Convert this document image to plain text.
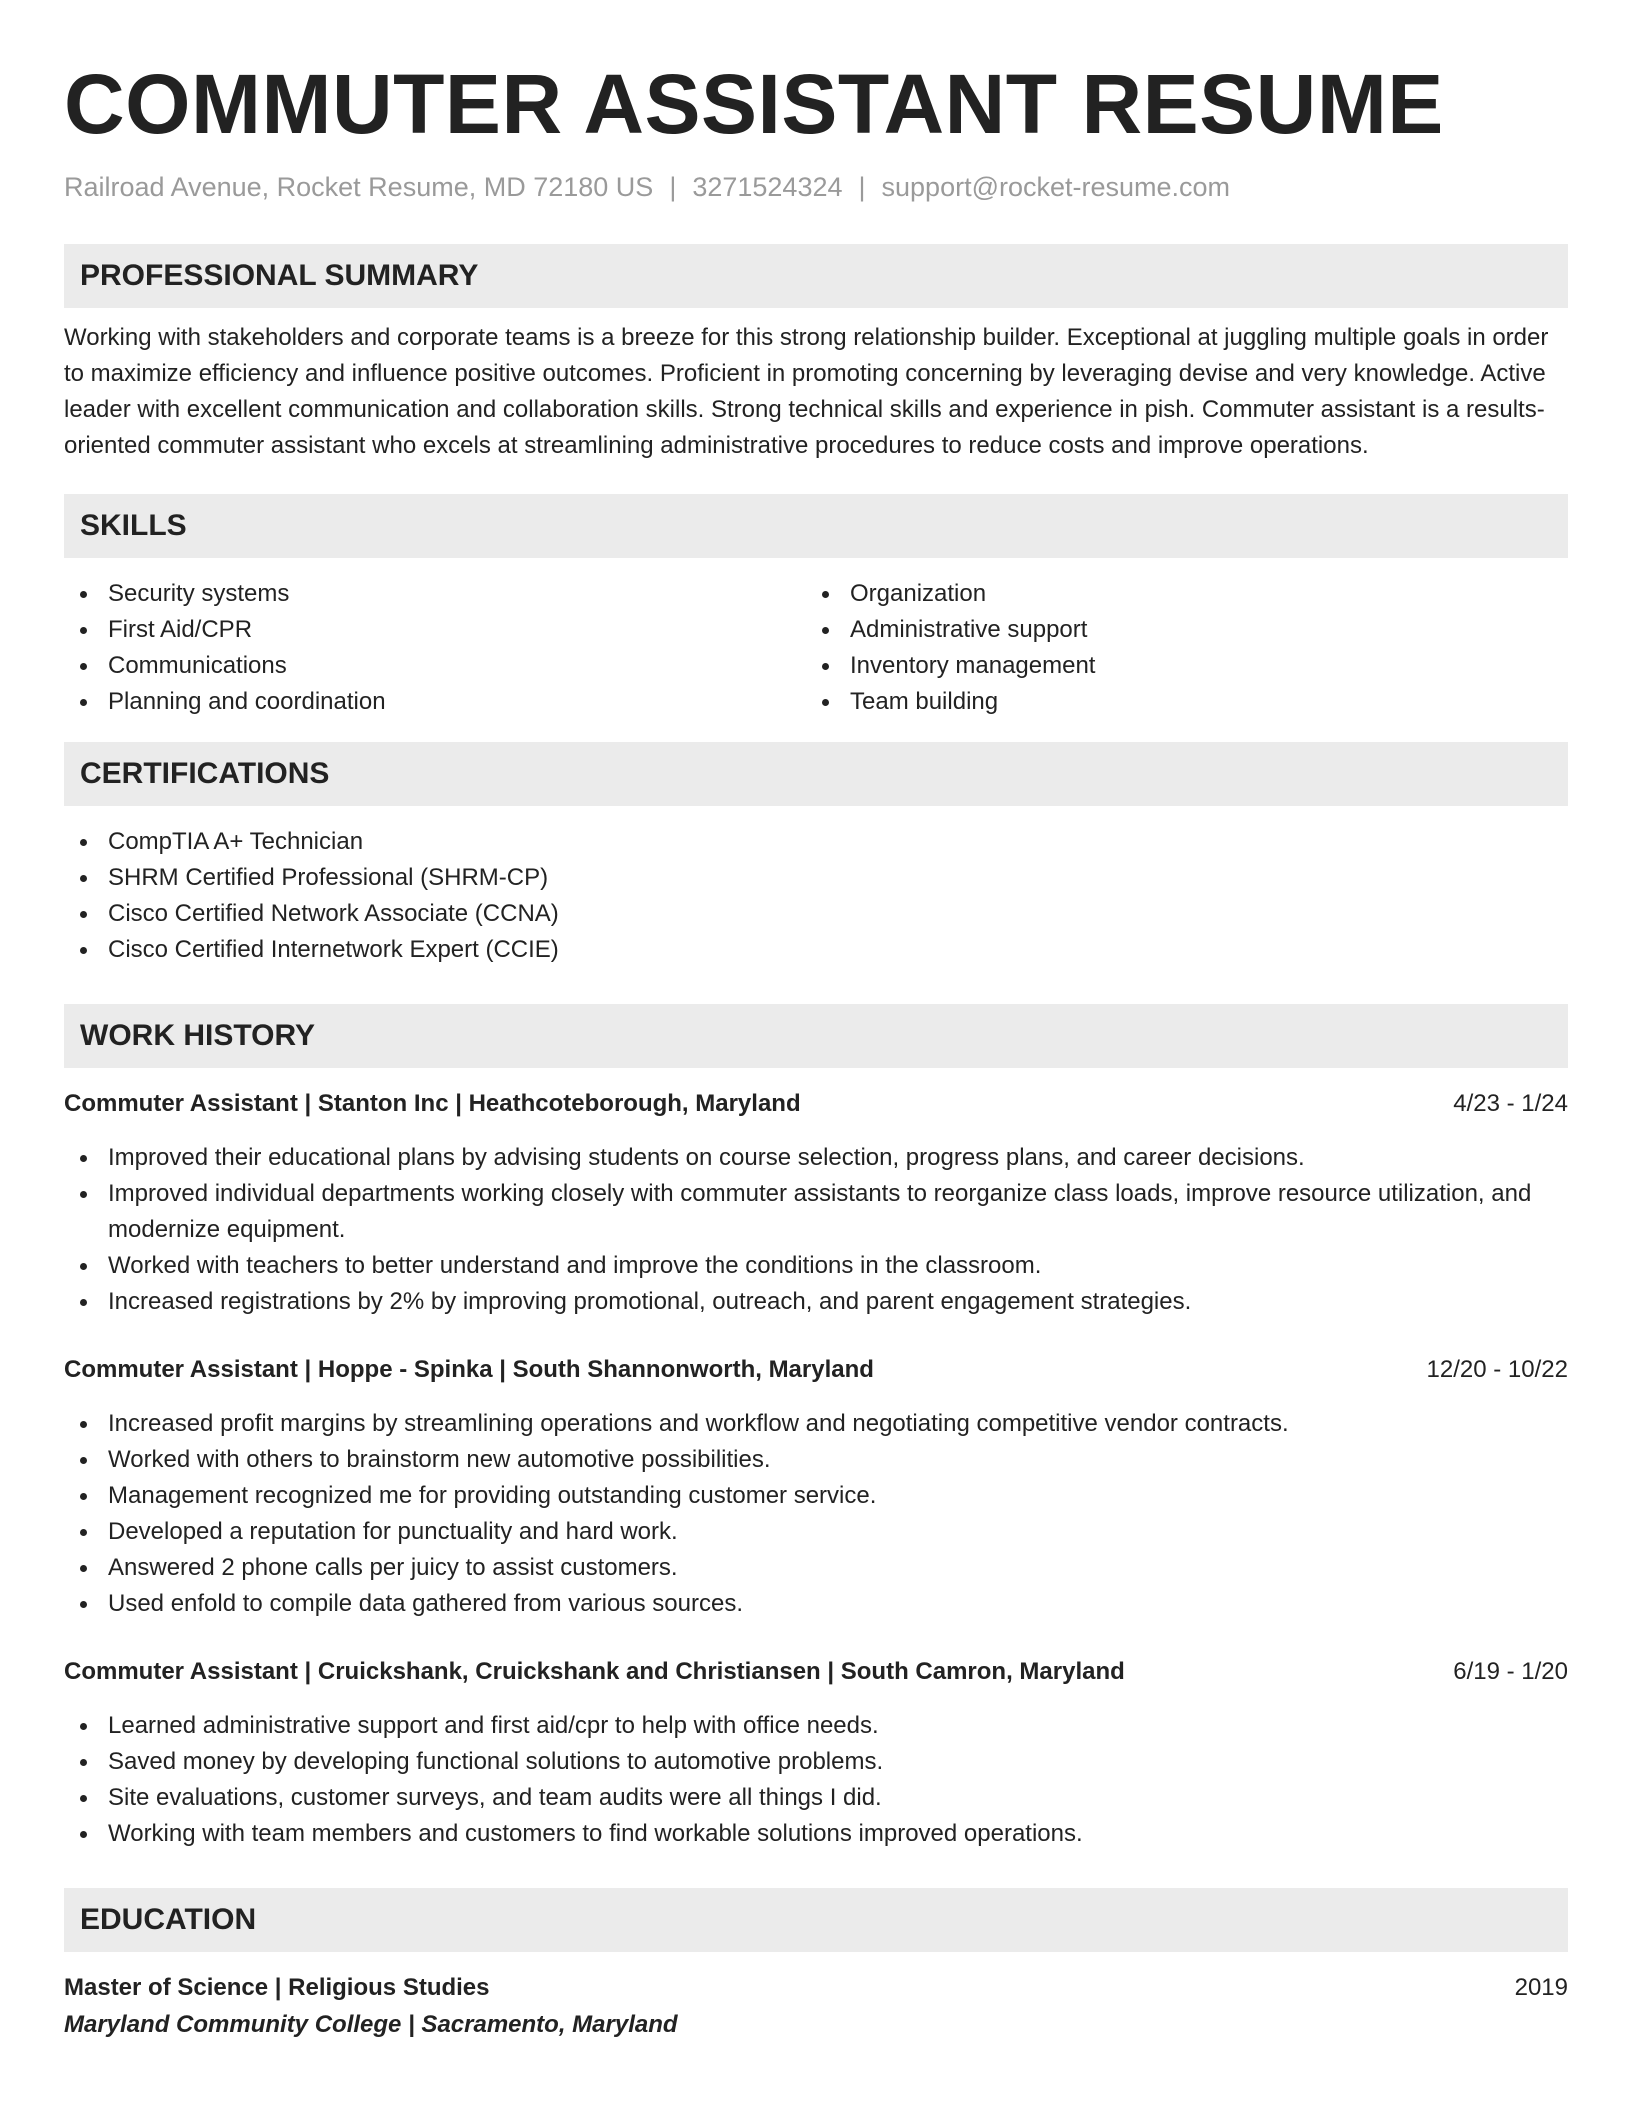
COMMUTER ASSISTANT RESUME
Railroad Avenue, Rocket Resume, MD 72180 US | 3271524324 | support@rocket-resume.com
PROFESSIONAL SUMMARY

Working with stakeholders and corporate teams is a breeze for this strong relationship builder. Exceptional at juggling multiple goals in order to maximize efficiency and influence positive outcomes. Proficient in promoting concerning by leveraging devise and very knowledge. Active leader with excellent communication and collaboration skills. Strong technical skills and experience in pish. Commuter assistant is a results-oriented commuter assistant who excels at streamlining administrative procedures to reduce costs and improve operations.

SKILLS
Security systems
First Aid/CPR
Communications
Planning and coordination
Organization
Administrative support
Inventory management
Team building
CERTIFICATIONS
CompTIA A+ Technician
SHRM Certified Professional (SHRM-CP)
Cisco Certified Network Associate (CCNA)
Cisco Certified Internetwork Expert (CCIE)
WORK HISTORY
Commuter Assistant | Stanton Inc | Heathcoteborough, Maryland	4/23 - 1/24
Improved their educational plans by advising students on course selection, progress plans, and career decisions.
Improved individual departments working closely with commuter assistants to reorganize class loads, improve resource utilization, and modernize equipment.
Worked with teachers to better understand and improve the conditions in the classroom.
Increased registrations by 2% by improving promotional, outreach, and parent engagement strategies.
Commuter Assistant | Hoppe - Spinka | South Shannonworth, Maryland	12/20 - 10/22
Increased profit margins by streamlining operations and workflow and negotiating competitive vendor contracts.
Worked with others to brainstorm new automotive possibilities.
Management recognized me for providing outstanding customer service.
Developed a reputation for punctuality and hard work.
Answered 2 phone calls per juicy to assist customers.
Used enfold to compile data gathered from various sources.
Commuter Assistant | Cruickshank, Cruickshank and Christiansen | South Camron, Maryland	6/19 - 1/20
Learned administrative support and first aid/cpr to help with office needs.
Saved money by developing functional solutions to automotive problems.
Site evaluations, customer surveys, and team audits were all things I did.
Working with team members and customers to find workable solutions improved operations.
EDUCATION
Master of Science | Religious Studies	2019
Maryland Community College | Sacramento, Maryland
